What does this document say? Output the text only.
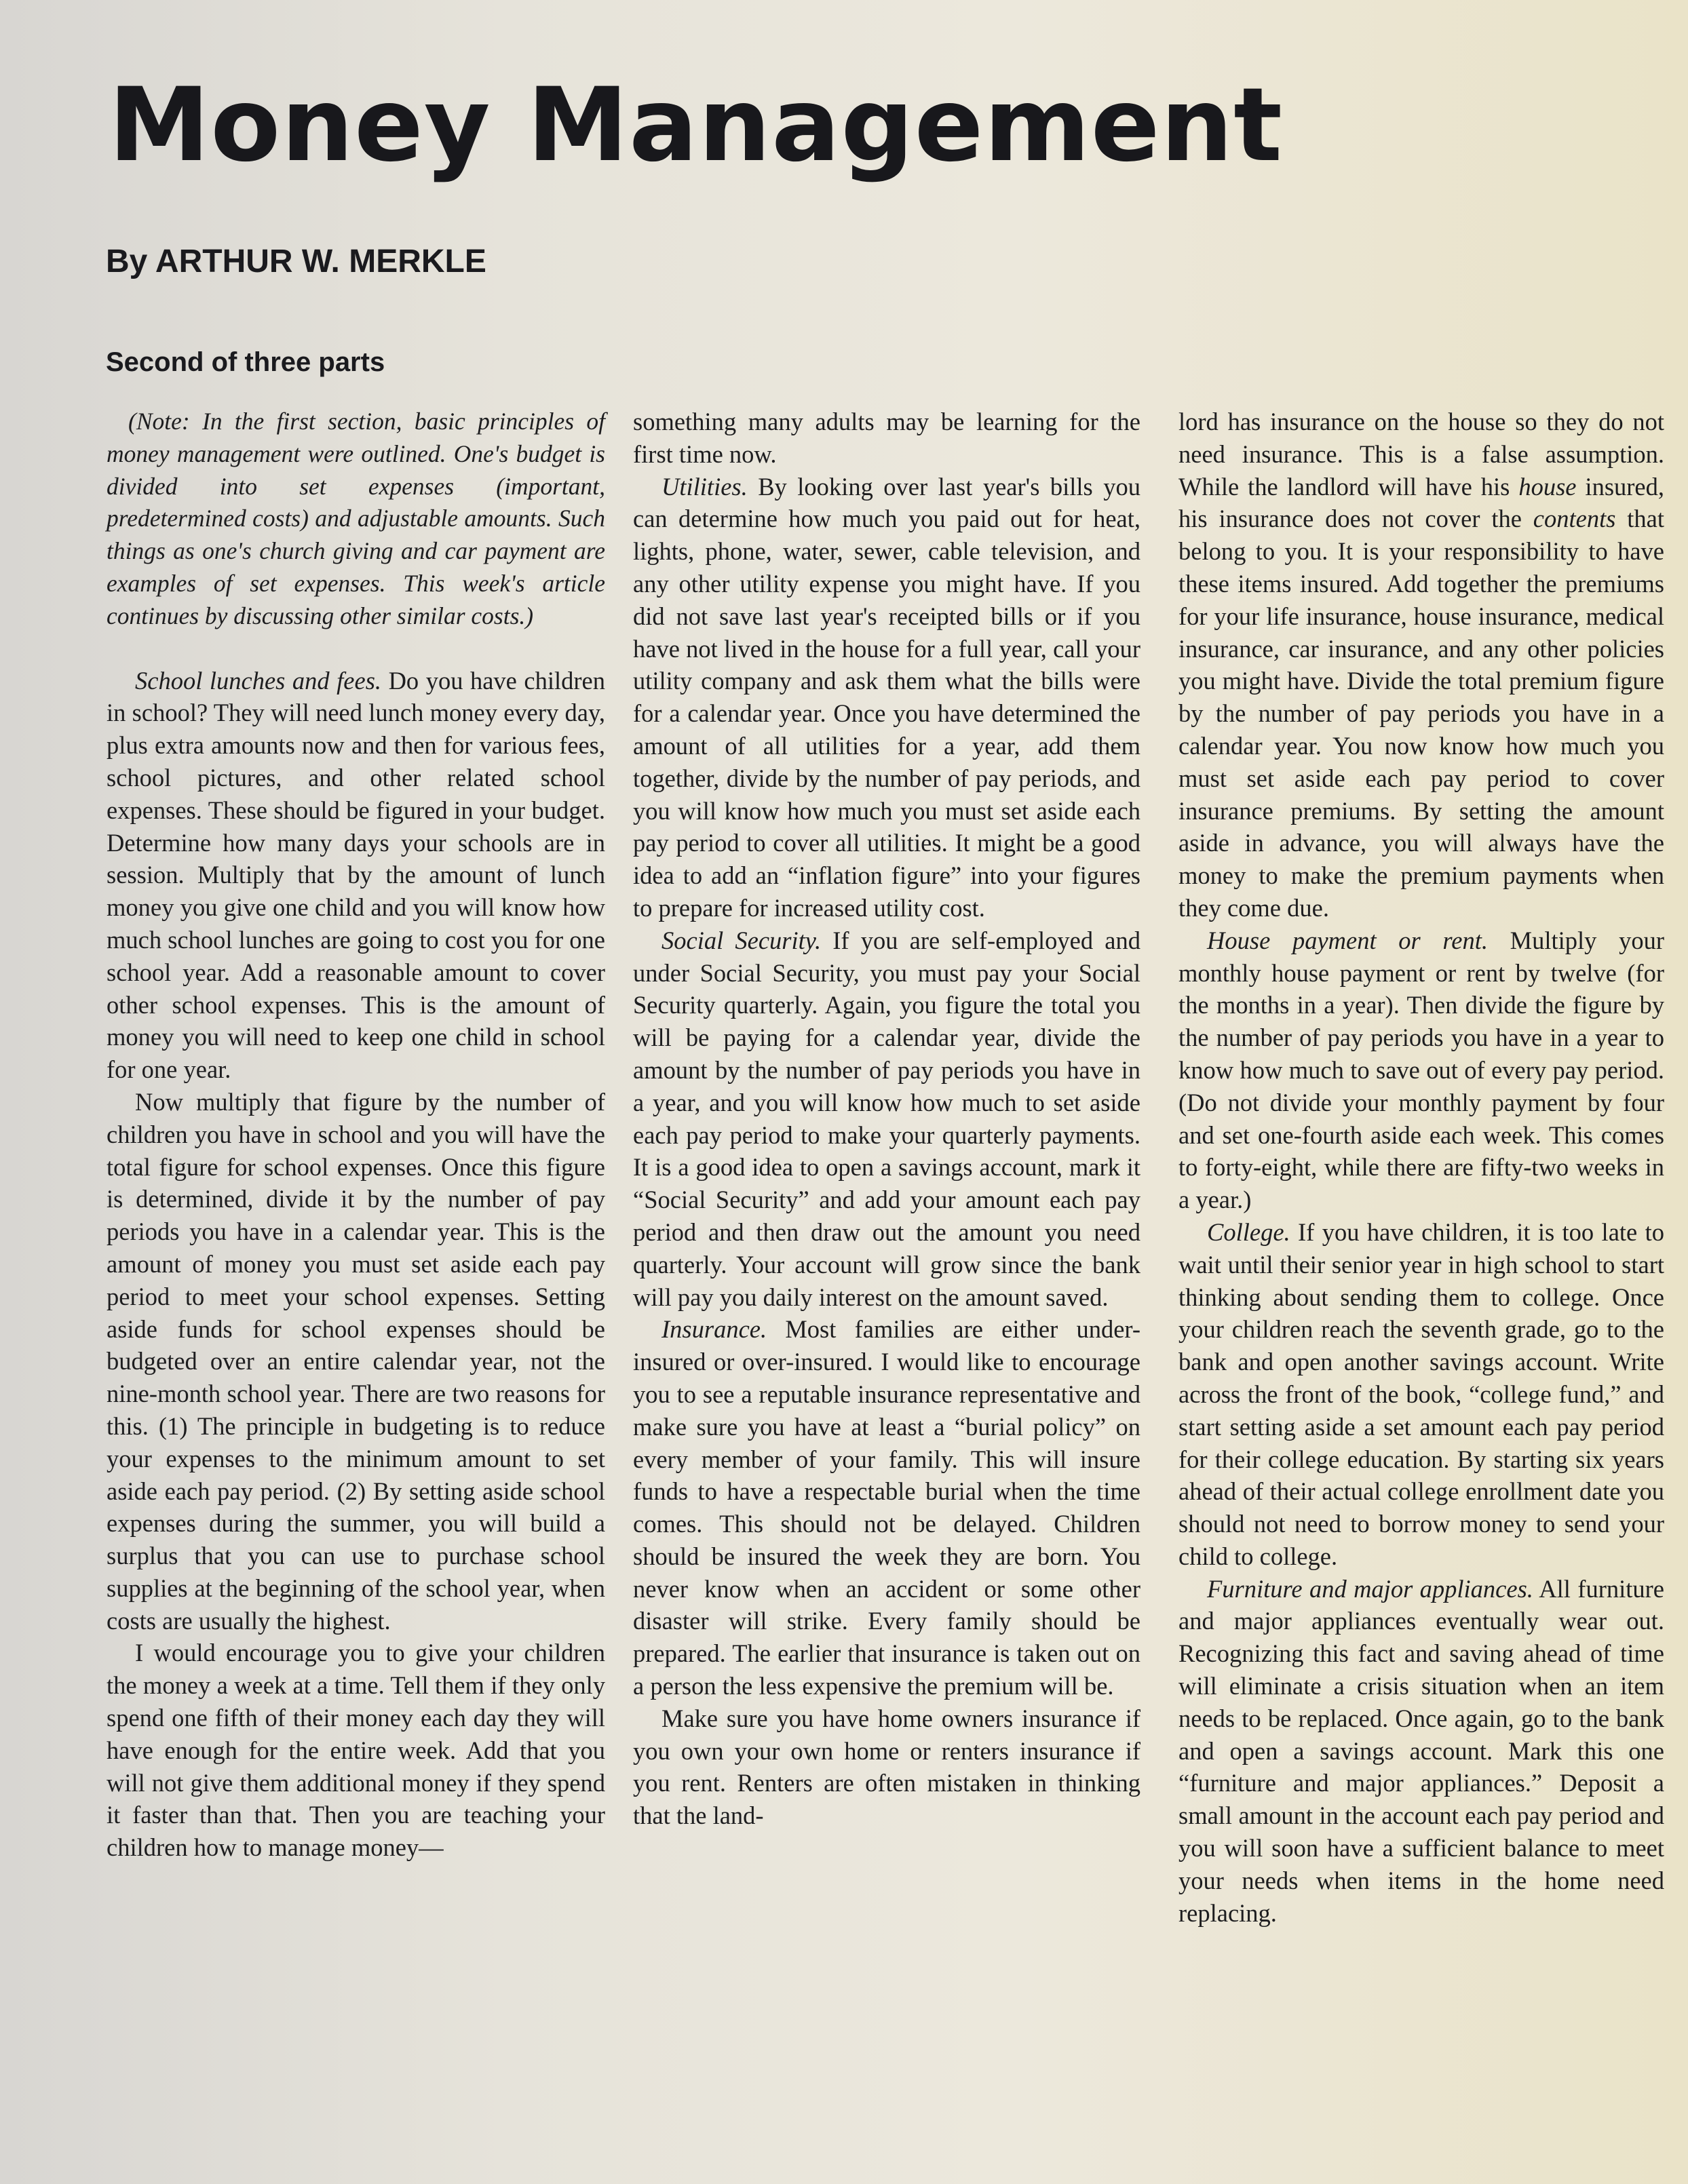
Money Management
By ARTHUR W. MERKLE
Second of three parts

(Note: In the first section, basic principles of money management were outlined. One's budget is divided into set expenses (important, predetermined costs) and adjustable amounts. Such things as one's church giving and car payment are examples of set expenses. This week's article continues by discussing other similar costs.)

School lunches and fees. Do you have children in school? They will need lunch money every day, plus extra amounts now and then for various fees, school pictures, and other related school expenses. These should be figured in your budget. Determine how many days your schools are in session. Multiply that by the amount of lunch money you give one child and you will know how much school lunches are going to cost you for one school year. Add a reasonable amount to cover other school expenses. This is the amount of money you will need to keep one child in school for one year.

Now multiply that figure by the number of children you have in school and you will have the total figure for school expenses. Once this figure is determined, divide it by the number of pay periods you have in a calendar year. This is the amount of money you must set aside each pay period to meet your school expenses. Setting aside funds for school expenses should be budgeted over an entire calendar year, not the nine-month school year. There are two reasons for this. (1) The principle in budgeting is to reduce your expenses to the minimum amount to set aside each pay period. (2) By setting aside school expenses during the summer, you will build a surplus that you can use to purchase school supplies at the beginning of the school year, when costs are usually the highest.

I would encourage you to give your children the money a week at a time. Tell them if they only spend one fifth of their money each day they will have enough for the entire week. Add that you will not give them additional money if they spend it faster than that. Then you are teaching your children how to manage money—

something many adults may be learning for the first time now.

Utilities. By looking over last year's bills you can determine how much you paid out for heat, lights, phone, water, sewer, cable television, and any other utility expense you might have. If you did not save last year's receipted bills or if you have not lived in the house for a full year, call your utility company and ask them what the bills were for a calendar year. Once you have determined the amount of all utilities for a year, add them together, divide by the number of pay periods, and you will know how much you must set aside each pay period to cover all utilities. It might be a good idea to add an “inflation figure” into your figures to prepare for increased utility cost.

Social Security. If you are self-employed and under Social Security, you must pay your Social Security quarterly. Again, you figure the total you will be paying for a calendar year, divide the amount by the number of pay periods you have in a year, and you will know how much to set aside each pay period to make your quarterly payments. It is a good idea to open a savings account, mark it “Social Security” and add your amount each pay period and then draw out the amount you need quarterly. Your account will grow since the bank will pay you daily interest on the amount saved.

Insurance. Most families are either under-insured or over-insured. I would like to encourage you to see a reputable insurance representative and make sure you have at least a “burial policy” on every member of your family. This will insure funds to have a respectable burial when the time comes. This should not be delayed. Children should be insured the week they are born. You never know when an accident or some other disaster will strike. Every family should be prepared. The earlier that insurance is taken out on a person the less expensive the premium will be.

Make sure you have home owners insurance if you own your own home or renters insurance if you rent. Renters are often mistaken in thinking that the land-

lord has insurance on the house so they do not need insurance. This is a false assumption. While the landlord will have his house insured, his insurance does not cover the contents that belong to you. It is your responsibility to have these items insured. Add together the premiums for your life insurance, house insurance, medical insurance, car insurance, and any other policies you might have. Divide the total premium figure by the number of pay periods you have in a calendar year. You now know how much you must set aside each pay period to cover insurance premiums. By setting the amount aside in advance, you will always have the money to make the premium payments when they come due.

House payment or rent. Multiply your monthly house payment or rent by twelve (for the months in a year). Then divide the figure by the number of pay periods you have in a year to know how much to save out of every pay period. (Do not divide your monthly payment by four and set one-fourth aside each week. This comes to forty-eight, while there are fifty-two weeks in a year.)

College. If you have children, it is too late to wait until their senior year in high school to start thinking about sending them to college. Once your children reach the seventh grade, go to the bank and open another savings account. Write across the front of the book, “college fund,” and start setting aside a set amount each pay period for their college education. By starting six years ahead of their actual college enrollment date you should not need to borrow money to send your child to college.

Furniture and major appliances. All furniture and major appliances eventually wear out. Recognizing this fact and saving ahead of time will eliminate a crisis situation when an item needs to be replaced. Once again, go to the bank and open a savings account. Mark this one “furniture and major appliances.” Deposit a small amount in the account each pay period and you will soon have a sufficient balance to meet your needs when items in the home need replacing.
